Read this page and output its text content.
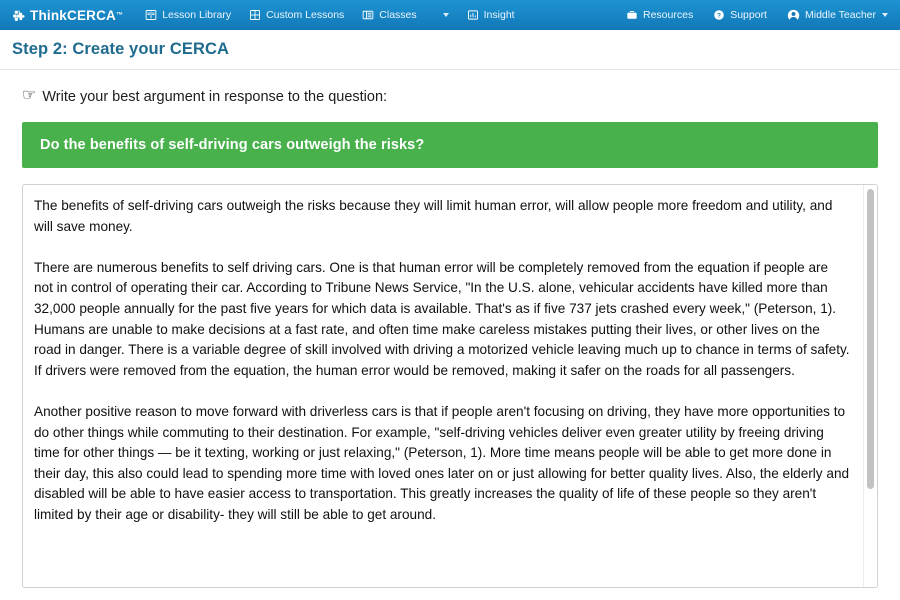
ThinkCERCA ™	Lesson Library	Custom Lessons	Classes	Insight	Resources	? Support	Middle Teacher
Step 2: Create your CERCA
☞ Write your best argument in response to the question:
Do the benefits of self-driving cars outweigh the risks?

The benefits of self-driving cars outweigh the risks because they will limit human error, will allow people more freedom and utility, and will save money.

There are numerous benefits to self driving cars. One is that human error will be completely removed from the equation if people are not in control of operating their car. According to Tribune News Service, "In the U.S. alone, vehicular accidents have killed more than 32,000 people annually for the past five years for which data is available. That's as if five 737 jets crashed every week," (Peterson, 1). Humans are unable to make decisions at a fast rate, and often time make careless mistakes putting their lives, or other lives on the road in danger. There is a variable degree of skill involved with driving a motorized vehicle leaving much up to chance in terms of safety. If drivers were removed from the equation, the human error would be removed, making it safer on the roads for all passengers.

Another positive reason to move forward with driverless cars is that if people aren't focusing on driving, they have more opportunities to do other things while commuting to their destination. For example, "self-driving vehicles deliver even greater utility by freeing driving time for other things — be it texting, working or just relaxing," (Peterson, 1). More time means people will be able to get more done in their day, this also could lead to spending more time with loved ones later on or just allowing for better quality lives. Also, the elderly and disabled will be able to have easier access to transportation. This greatly increases the quality of life of these people so they aren't limited by their age or disability- they will still be able to get around.
